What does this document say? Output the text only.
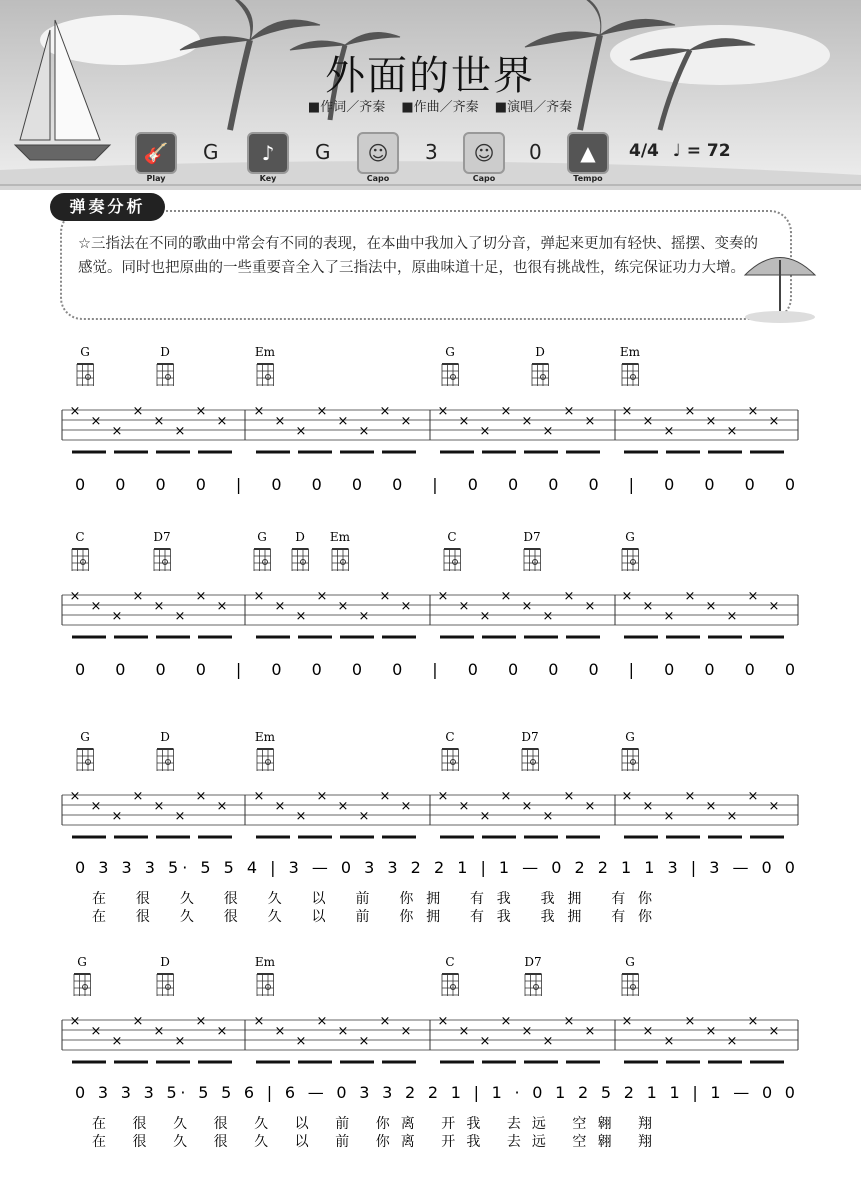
外面的世界
■作词／齐秦 ■作曲／齐秦 ■演唱／齐秦
🎸
Play
G	♪
Key
G	☺
Capo
3	☺
Capo
0	▲
Tempo
4/4 ♩ = 72
弹奏分析
☆三指法在不同的歌曲中常会有不同的表现，在本曲中我加入了切分音，弹起来更加有轻快、摇摆、变奏的感觉。同时也把原曲的一些重要音全入了三指法中，原曲味道十足，也很有挑战性，练完保证功力大增。
G	D	Em	G	D	Em
×
×
×
×
×
×
×
×
×
×
×
×
×
×
×
×
×
×
×
×
×
×
×
×
×
×
×
×
×
×
×
×
0 0 0 0 | 0 0 0 0 | 0 0 0 0 | 0 0 0 0
C	D7	G D Em	C	D7	G
×
×
×
×
×
×
×
×
×
×
×
×
×
×
×
×
×
×
×
×
×
×
×
×
×
×
×
×
×
×
×
×
0 0 0 0 | 0 0 0 0 | 0 0 0 0 | 0 0 0 0
G	D	Em	C	D7	G
×
×
×
×
×
×
×
×
×
×
×
×
×
×
×
×
×
×
×
×
×
×
×
×
×
×
×
×
×
×
×
×
0 3 3 3 5· 5 5 4 | 3 — 0 3 3 2 2 1 | 1 — 0 2 2 1 1 3 | 3 — 0 0
在 很 久 很 久 以 前 你拥 有我 我拥 有你
在 很 久 很 久 以 前 你拥 有我 我拥 有你
G	D	Em	C	D7	G
×
×
×
×
×
×
×
×
×
×
×
×
×
×
×
×
×
×
×
×
×
×
×
×
×
×
×
×
×
×
×
×
0 3 3 3 5· 5 5 6 | 6 — 0 3 3 2 2 1 | 1 · 0 1 2 5 2 1 1 | 1 — 0 0
在 很 久 很 久 以 前 你离 开我 去远 空翱 翔
在 很 久 很 久 以 前 你离 开我 去远 空翱 翔
